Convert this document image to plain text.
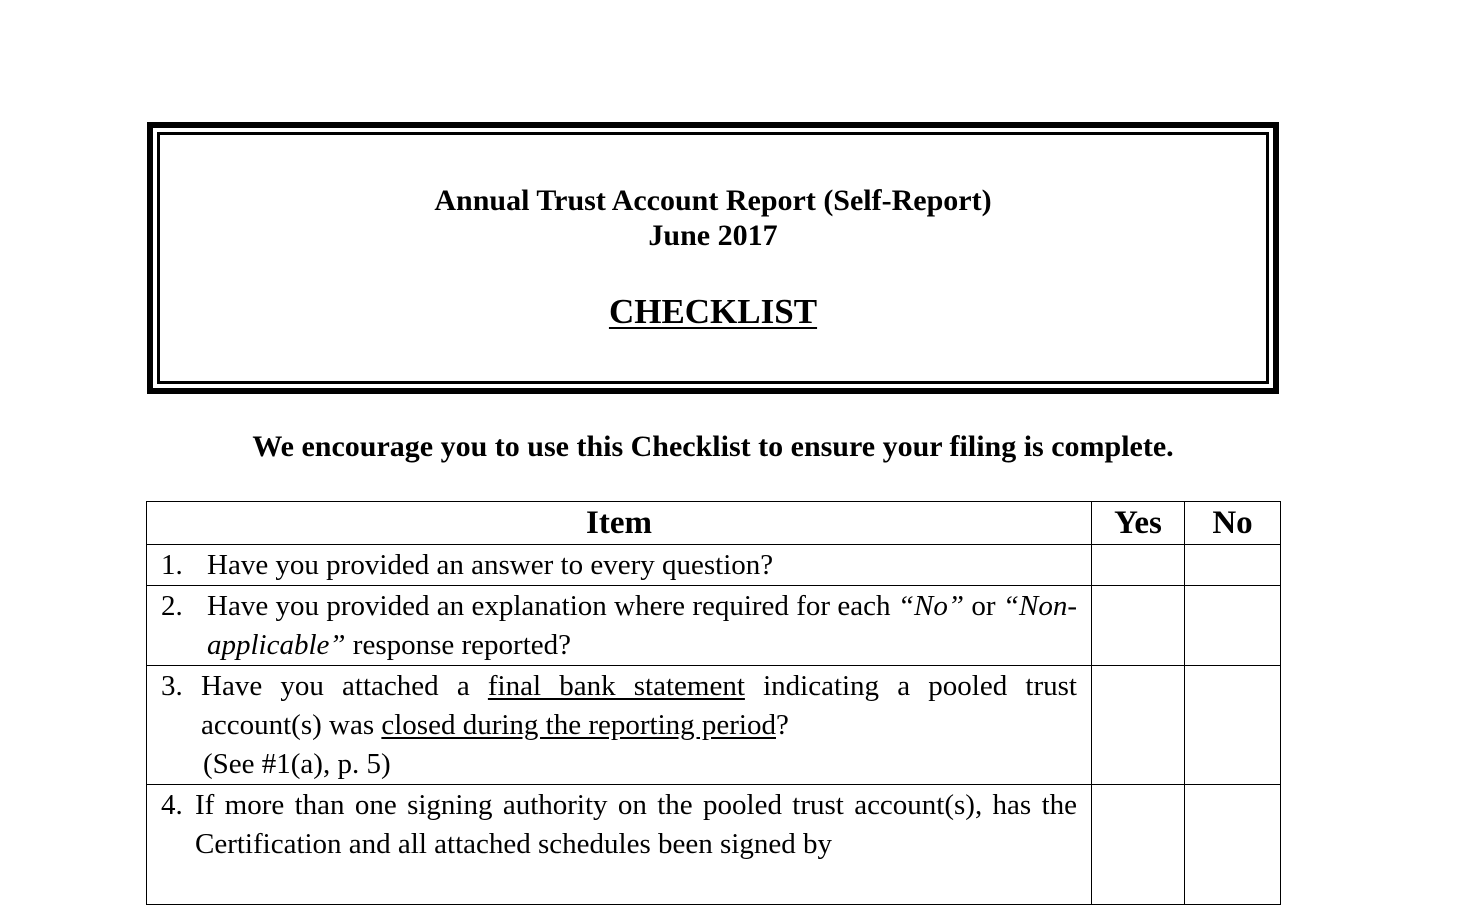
Annual Trust Account Report (Self-Report)
June 2017
CHECKLIST
We encourage you to use this Checklist to ensure your filing is complete.
Item	Yes	No

1. Have you provided an answer to every question?		

2. Have you provided an explanation where required for each “No” or “Non-applicable” response reported?		

3. Have you attached a final bank statement indicating a pooled trust account(s) was closed during the reporting period?
(See #1(a), p. 5)		

4. If more than one signing authority on the pooled trust account(s), has the Certification and all attached schedules been signed by		
